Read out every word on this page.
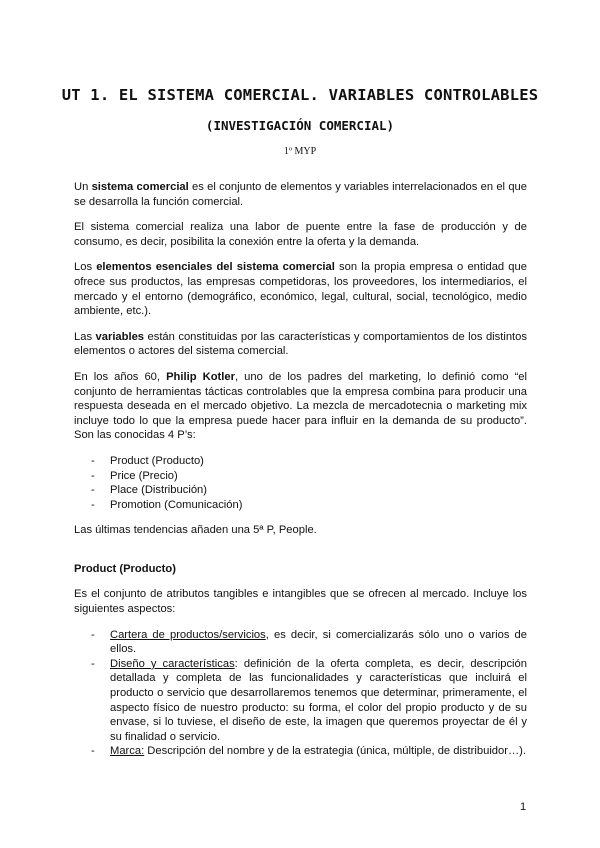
UT 1. EL SISTEMA COMERCIAL. VARIABLES CONTROLABLES
(INVESTIGACIÓN COMERCIAL)
1º MYP

Un sistema comercial es el conjunto de elementos y variables interrelacionados en el que se desarrolla la función comercial.

El sistema comercial realiza una labor de puente entre la fase de producción y de consumo, es decir, posibilita la conexión entre la oferta y la demanda.

Los elementos esenciales del sistema comercial son la propia empresa o entidad que ofrece sus productos, las empresas competidoras, los proveedores, los intermediarios, el mercado y el entorno (demográfico, económico, legal, cultural, social, tecnológico, medio ambiente, etc.).

Las variables están constituidas por las características y comportamientos de los distintos elementos o actores del sistema comercial.

En los años 60, Philip Kotler, uno de los padres del marketing, lo definió como “el conjunto de herramientas tácticas controlables que la empresa combina para producir una respuesta deseada en el mercado objetivo. La mezcla de mercadotecnia o marketing mix incluye todo lo que la empresa puede hacer para influir en la demanda de su producto”. Son las conocidas 4 P’s:

- Product (Producto)
- Price (Precio)
- Place (Distribución)
- Promotion (Comunicación)

Las últimas tendencias añaden una 5ª P, People.

Product (Producto)

Es el conjunto de atributos tangibles e intangibles que se ofrecen al mercado. Incluye los siguientes aspectos:

- Cartera de productos/servicios, es decir, si comercializarás sólo uno o varios de ellos.
- Diseño y características: definición de la oferta completa, es decir, descripción detallada y completa de las funcionalidades y características que incluirá el producto o servicio que desarrollaremos tenemos que determinar, primeramente, el aspecto físico de nuestro producto: su forma, el color del propio producto y de su envase, si lo tuviese, el diseño de este, la imagen que queremos proyectar de él y su finalidad o servicio.
- Marca: Descripción del nombre y de la estrategia (única, múltiple, de distribuidor…).
1
